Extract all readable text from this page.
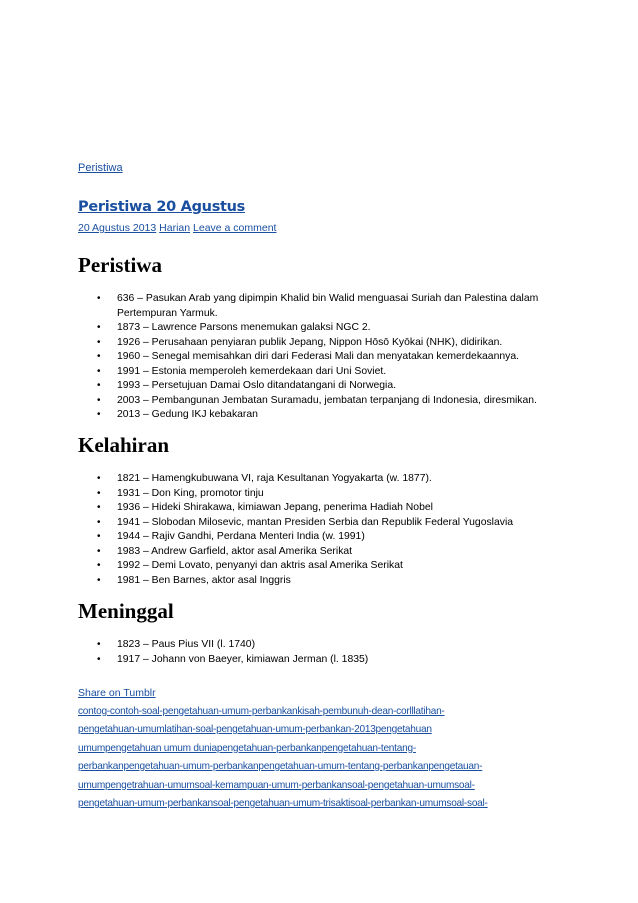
Peristiwa
Peristiwa 20 Agustus
20 Agustus 2013 Harian Leave a comment
Peristiwa
• 636 – Pasukan Arab yang dipimpin Khalid bin Walid menguasai Suriah dan Palestina dalam Pertempuran Yarmuk.
• 1873 – Lawrence Parsons menemukan galaksi NGC 2.
• 1926 – Perusahaan penyiaran publik Jepang, Nippon Hōsō Kyōkai (NHK), didirikan.
• 1960 – Senegal memisahkan diri dari Federasi Mali dan menyatakan kemerdekaannya.
• 1991 – Estonia memperoleh kemerdekaan dari Uni Soviet.
• 1993 – Persetujuan Damai Oslo ditandatangani di Norwegia.
• 2003 – Pembangunan Jembatan Suramadu, jembatan terpanjang di Indonesia, diresmikan.
• 2013 – Gedung IKJ kebakaran
Kelahiran
• 1821 – Hamengkubuwana VI, raja Kesultanan Yogyakarta (w. 1877).
• 1931 – Don King, promotor tinju
• 1936 – Hideki Shirakawa, kimiawan Jepang, penerima Hadiah Nobel
• 1941 – Slobodan Milosevic, mantan Presiden Serbia dan Republik Federal Yugoslavia
• 1944 – Rajiv Gandhi, Perdana Menteri India (w. 1991)
• 1983 – Andrew Garfield, aktor asal Amerika Serikat
• 1992 – Demi Lovato, penyanyi dan aktris asal Amerika Serikat
• 1981 – Ben Barnes, aktor asal Inggris
Meninggal
• 1823 – Paus Pius VII (l. 1740)
• 1917 – Johann von Baeyer, kimiawan Jerman (l. 1835)
Share on Tumblr
contog-contoh-soal-pengetahuan-umum-perbankankisah-pembunuh-dean-corlllatihan-
pengetahuan-umumlatihan-soal-pengetahuan-umum-perbankan-2013pengetahuan
umumpengetahuan umum duniapengetahuan-perbankanpengetahuan-tentang-
perbankanpengetahuan-umum-perbankanpengetahuan-umum-tentang-perbankanpengetauan-
umumpengetrahuan-umumsoal-kemampuan-umum-perbankansoal-pengetahuan-umumsoal-
pengetahuan-umum-perbankansoal-pengetahuan-umum-trisaktisoal-perbankan-umumsoal-soal-
